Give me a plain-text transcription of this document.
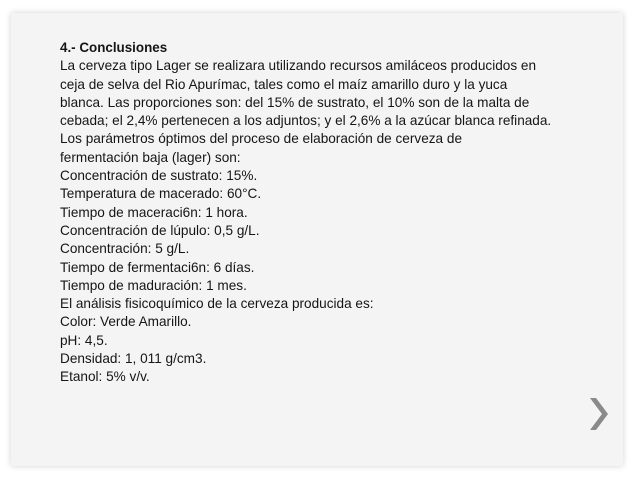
4.- Conclusiones

La cerveza tipo Lager se realizara utilizando recursos amiláceos producidos en
ceja de selva del Rio Apurímac, tales como el maíz amarillo duro y la yuca
blanca. Las proporciones son: del 15% de sustrato, el 10% son de la malta de
cebada; el 2,4% pertenecen a los adjuntos; y el 2,6% a la azúcar blanca refinada.

Los parámetros óptimos del proceso de elaboración de cerveza de
fermentación baja (lager) son:

Concentración de sustrato: 15%.
Temperatura de macerado: 60°C.
Tiempo de maceraci6n: 1 hora.
Concentración de lúpulo: 0,5 g/L.
Concentración: 5 g/L.
Tiempo de fermentaci6n: 6 días.
Tiempo de maduración: 1 mes.
El análisis fisicoquímico de la cerveza producida es:
Color: Verde Amarillo.
pH: 4,5.
Densidad: 1, 011 g/cm3.
Etanol: 5% v/v.
